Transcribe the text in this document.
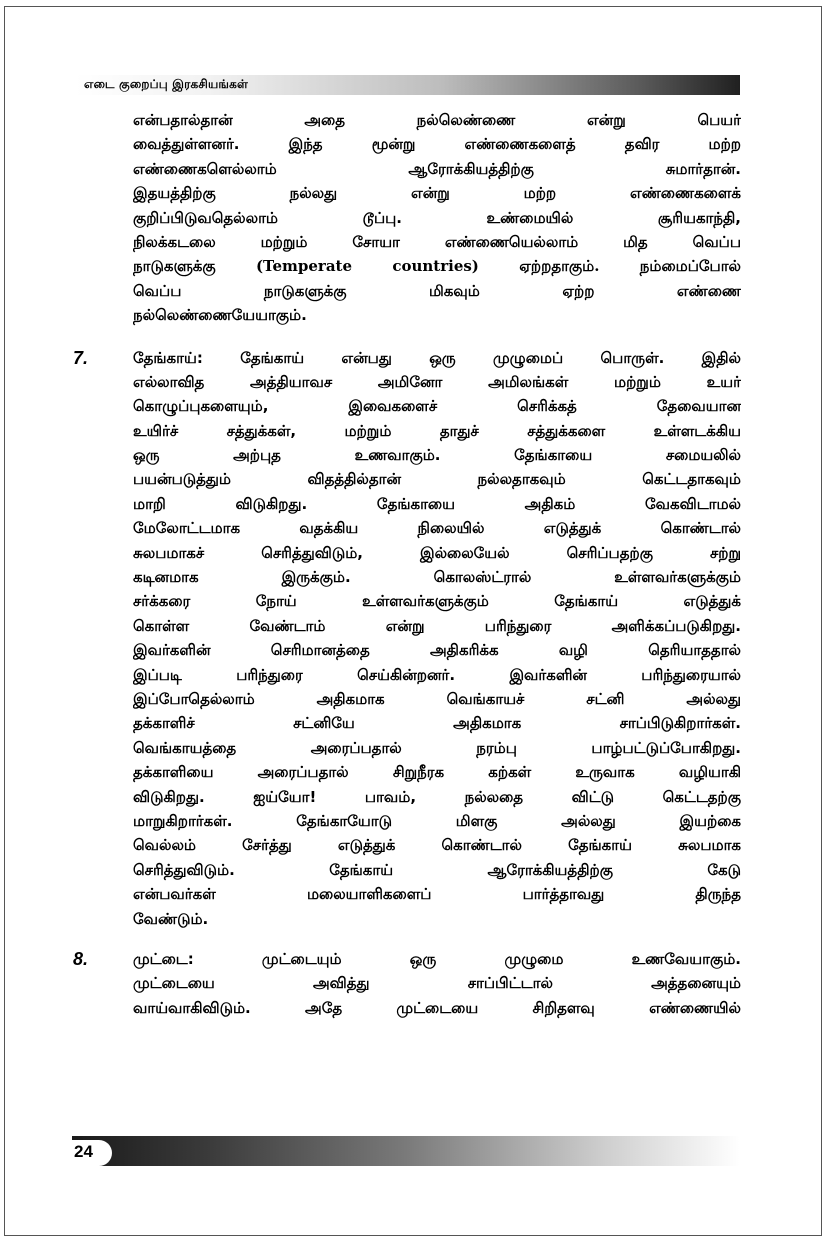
எடை குறைப்பு இரகசியங்கள்
என்பதால்தான் அதை நல்லெண்ணை என்று பெயர்
வைத்துள்ளனர். இந்த மூன்று எண்ணைகளைத் தவிர மற்ற
எண்ணைகளெல்லாம் ஆரோக்கியத்திற்கு சுமார்தான்.
இதயத்திற்கு நல்லது என்று மற்ற எண்ணைகளைக்
குறிப்பிடுவதெல்லாம் டூப்பு. உண்மையில் சூரியகாந்தி,
நிலக்கடலை மற்றும் சோயா எண்ணையெல்லாம் மித வெப்ப
நாடுகளுக்கு (Temperate countries) ஏற்றதாகும். நம்மைப்போல்
வெப்ப நாடுகளுக்கு மிகவும் ஏற்ற எண்ணை
நல்லெண்ணையேயாகும்.
7.	தேங்காய்: தேங்காய் என்பது ஒரு முழுமைப் பொருள். இதில்
எல்லாவித அத்தியாவச அமினோ அமிலங்கள் மற்றும் உயர்
கொழுப்புகளையும், இவைகளைச் செரிக்கத் தேவையான
உயிர்ச் சத்துக்கள், மற்றும் தாதுச் சத்துக்களை உள்ளடக்கிய
ஒரு அற்புத உணவாகும். தேங்காயை சமையலில்
பயன்படுத்தும் விதத்தில்தான் நல்லதாகவும் கெட்டதாகவும்
மாறி விடுகிறது. தேங்காயை அதிகம் வேகவிடாமல்
மேலோட்டமாக வதக்கிய நிலையில் எடுத்துக் கொண்டால்
சுலபமாகச் செரித்துவிடும், இல்லையேல் செரிப்பதற்கு சற்று
கடினமாக இருக்கும். கொலஸ்ட்ரால் உள்ளவர்களுக்கும்
சர்க்கரை நோய் உள்ளவர்களுக்கும் தேங்காய் எடுத்துக்
கொள்ள வேண்டாம் என்று பரிந்துரை அளிக்கப்படுகிறது.
இவர்களின் செரிமானத்தை அதிகரிக்க வழி தெரியாததால்
இப்படி பரிந்துரை செய்கின்றனர். இவர்களின் பரிந்துரையால்
இப்போதெல்லாம் அதிகமாக வெங்காயச் சட்னி அல்லது
தக்காளிச் சட்னியே அதிகமாக சாப்பிடுகிறார்கள்.
வெங்காயத்தை அரைப்பதால் நரம்பு பாழ்பட்டுப்போகிறது.
தக்காளியை அரைப்பதால் சிறுநீரக கற்கள் உருவாக வழியாகி
விடுகிறது. ஐய்யோ! பாவம், நல்லதை விட்டு கெட்டதற்கு
மாறுகிறார்கள். தேங்காயோடு மிளகு அல்லது இயற்கை
வெல்லம் சேர்த்து எடுத்துக் கொண்டால் தேங்காய் சுலபமாக
செரித்துவிடும். தேங்காய் ஆரோக்கியத்திற்கு கேடு
என்பவர்கள் மலையாளிகளைப் பார்த்தாவது திருந்த
வேண்டும்.
8.	முட்டை: முட்டையும் ஒரு முழுமை உணவேயாகும்.
முட்டையை அவித்து சாப்பிட்டால் அத்தனையும்
வாய்வாகிவிடும். அதே முட்டையை சிறிதளவு எண்ணையில்
24
